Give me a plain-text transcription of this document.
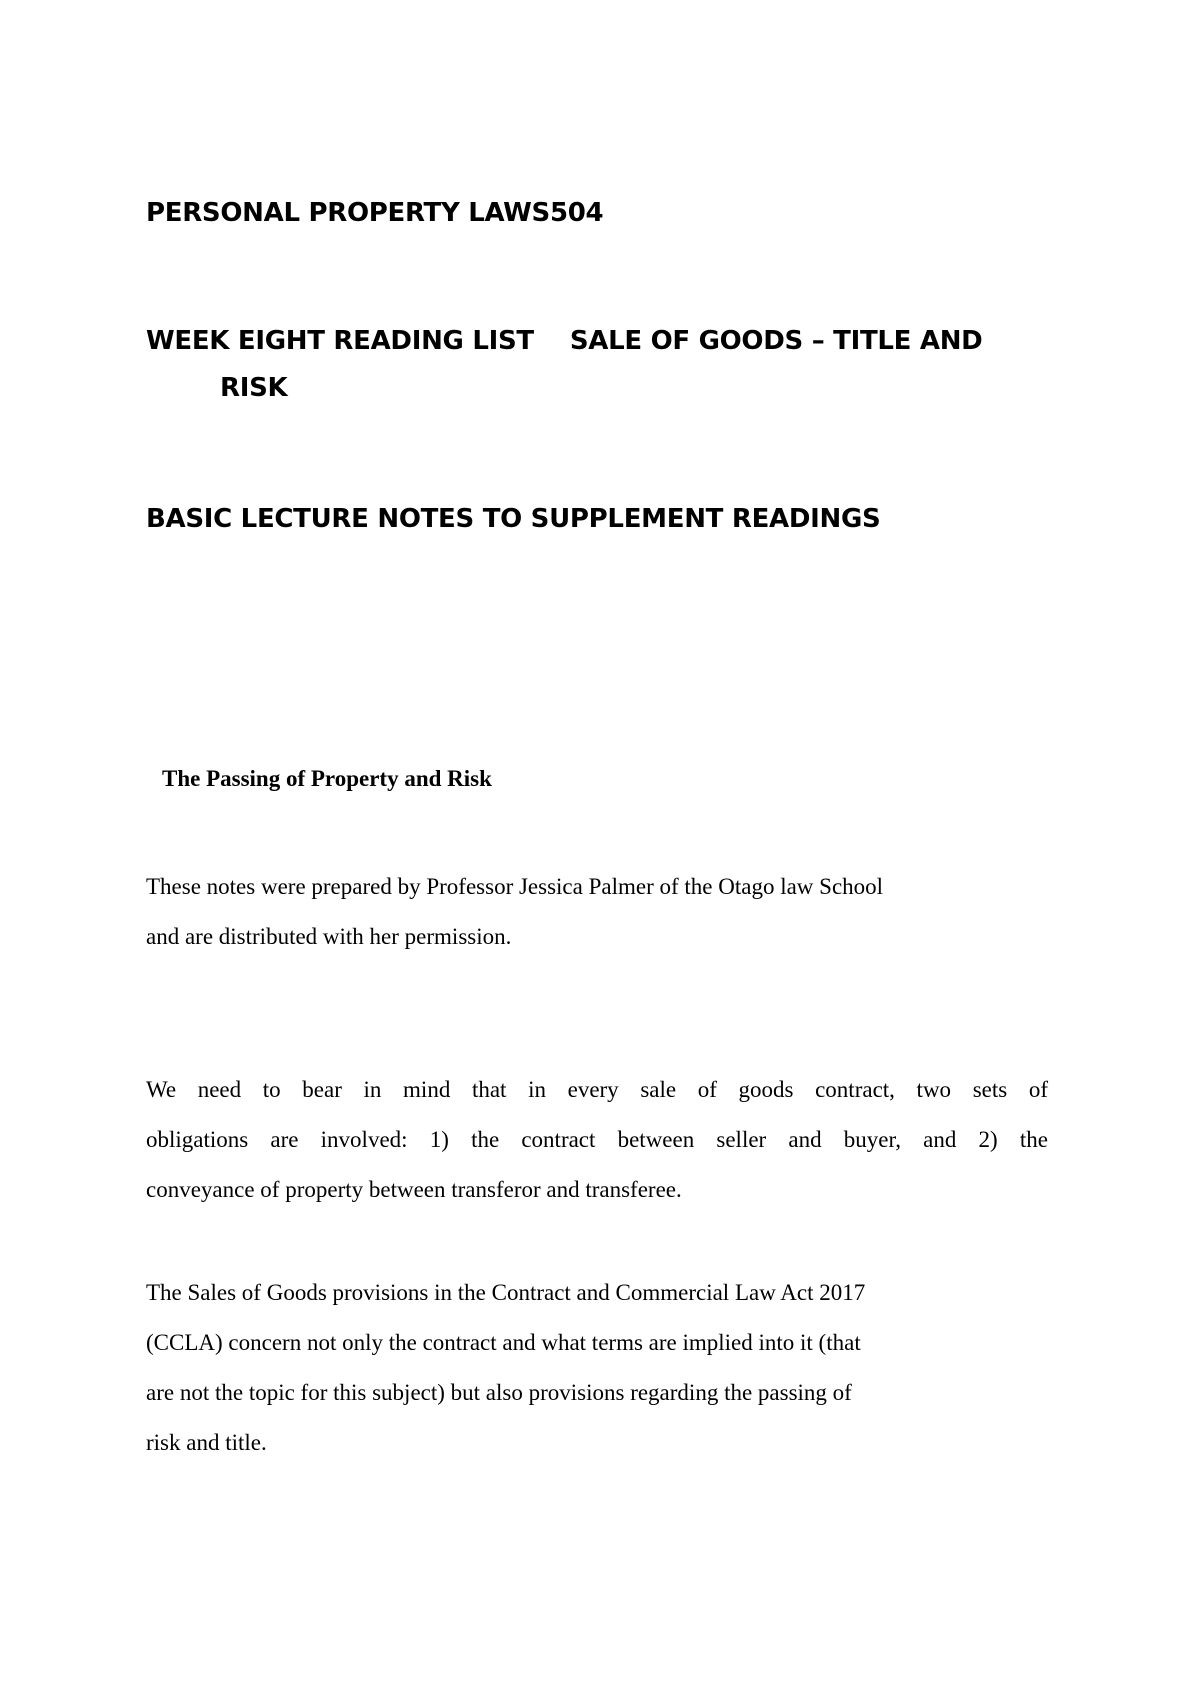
PERSONAL PROPERTY LAWS504
WEEK EIGHT READING LIST SALE OF GOODS – TITLE AND
RISK
BASIC LECTURE NOTES TO SUPPLEMENT READINGS
The Passing of Property and Risk

These notes were prepared by Professor Jessica Palmer of the Otago law School
and are distributed with her permission.

We need to bear in mind that in every sale of goods contract, two sets of
obligations are involved: 1) the contract between seller and buyer, and 2) the
conveyance of property between transferor and transferee.

The Sales of Goods provisions in the Contract and Commercial Law Act 2017
(CCLA) concern not only the contract and what terms are implied into it (that
are not the topic for this subject) but also provisions regarding the passing of
risk and title.
